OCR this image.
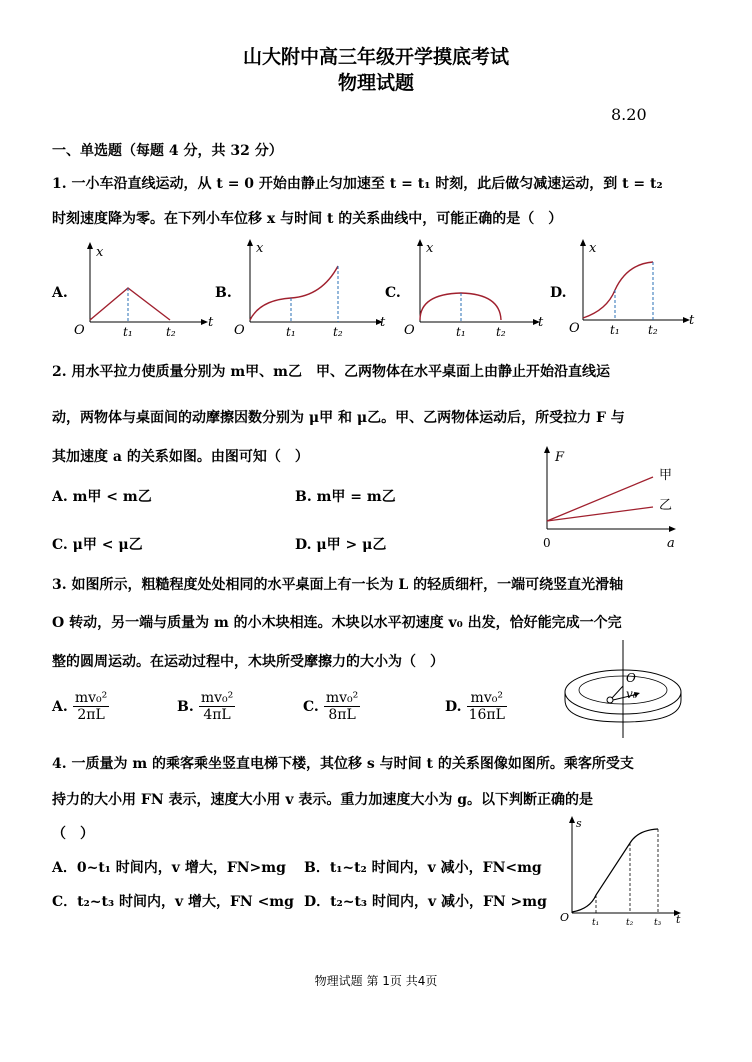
山大附中高三年级开学摸底考试
物理试题
8.20
一、单选题（每题 4 分，共 32 分）
1. 一小车沿直线运动，从 t = 0 开始由静止匀加速至 t = t₁ 时刻，此后做匀减速运动，到 t = t₂
时刻速度降为零。在下列小车位移 x 与时间 t 的关系曲线中，可能正确的是（　）
A.	B.	C.	D.
x
t
O	t₁	t₂
x
t
O	t₁	t₂
x
t
O	t₁	t₂
x
t
O	t₁ t₂
2. 用水平拉力使质量分别为 m甲、m乙　甲、乙两物体在水平桌面上由静止开始沿直线运
动，两物体与桌面间的动摩擦因数分别为 μ甲 和 μ乙。甲、乙两物体运动后，所受拉力 F 与
其加速度 a 的关系如图。由图可知（　）
A. m甲 < m乙	B. m甲 = m乙
C. μ甲 < μ乙	D. μ甲 > μ乙
F
a
0
甲
乙
3. 如图所示，粗糙程度处处相同的水平桌面上有一长为 L 的轻质细杆，一端可绕竖直光滑轴
O 转动，另一端与质量为 m 的小木块相连。木块以水平初速度 v₀ 出发，恰好能完成一个完
整的圆周运动。在运动过程中，木块所受摩擦力的大小为（　）
A. $\frac{\text{mv₀²}}{2\pi L}$	B. $\frac{\text{mv₀²}}{4\pi L}$	C. $\frac{\text{mv₀²}}{8\pi L}$	D. $\frac{\text{mv₀²}}{16\pi L}$
O
v₀
4. 一质量为 m 的乘客乘坐竖直电梯下楼，其位移 s 与时间 t 的关系图像如图所。乘客所受支
持力的大小用 FN 表示，速度大小用 v 表示。重力加速度大小为 g。以下判断正确的是
（　）
A．0~t₁ 时间内，v 增大，FN>mg B．t₁~t₂ 时间内，v 减小，FN<mg
C．t₂~t₃ 时间内，v 增大，FN <mg D．t₂~t₃ 时间内，v 减小，FN >mg
s
t
O	t₁	t₂ t₃
物理试题 第 1页 共4页
